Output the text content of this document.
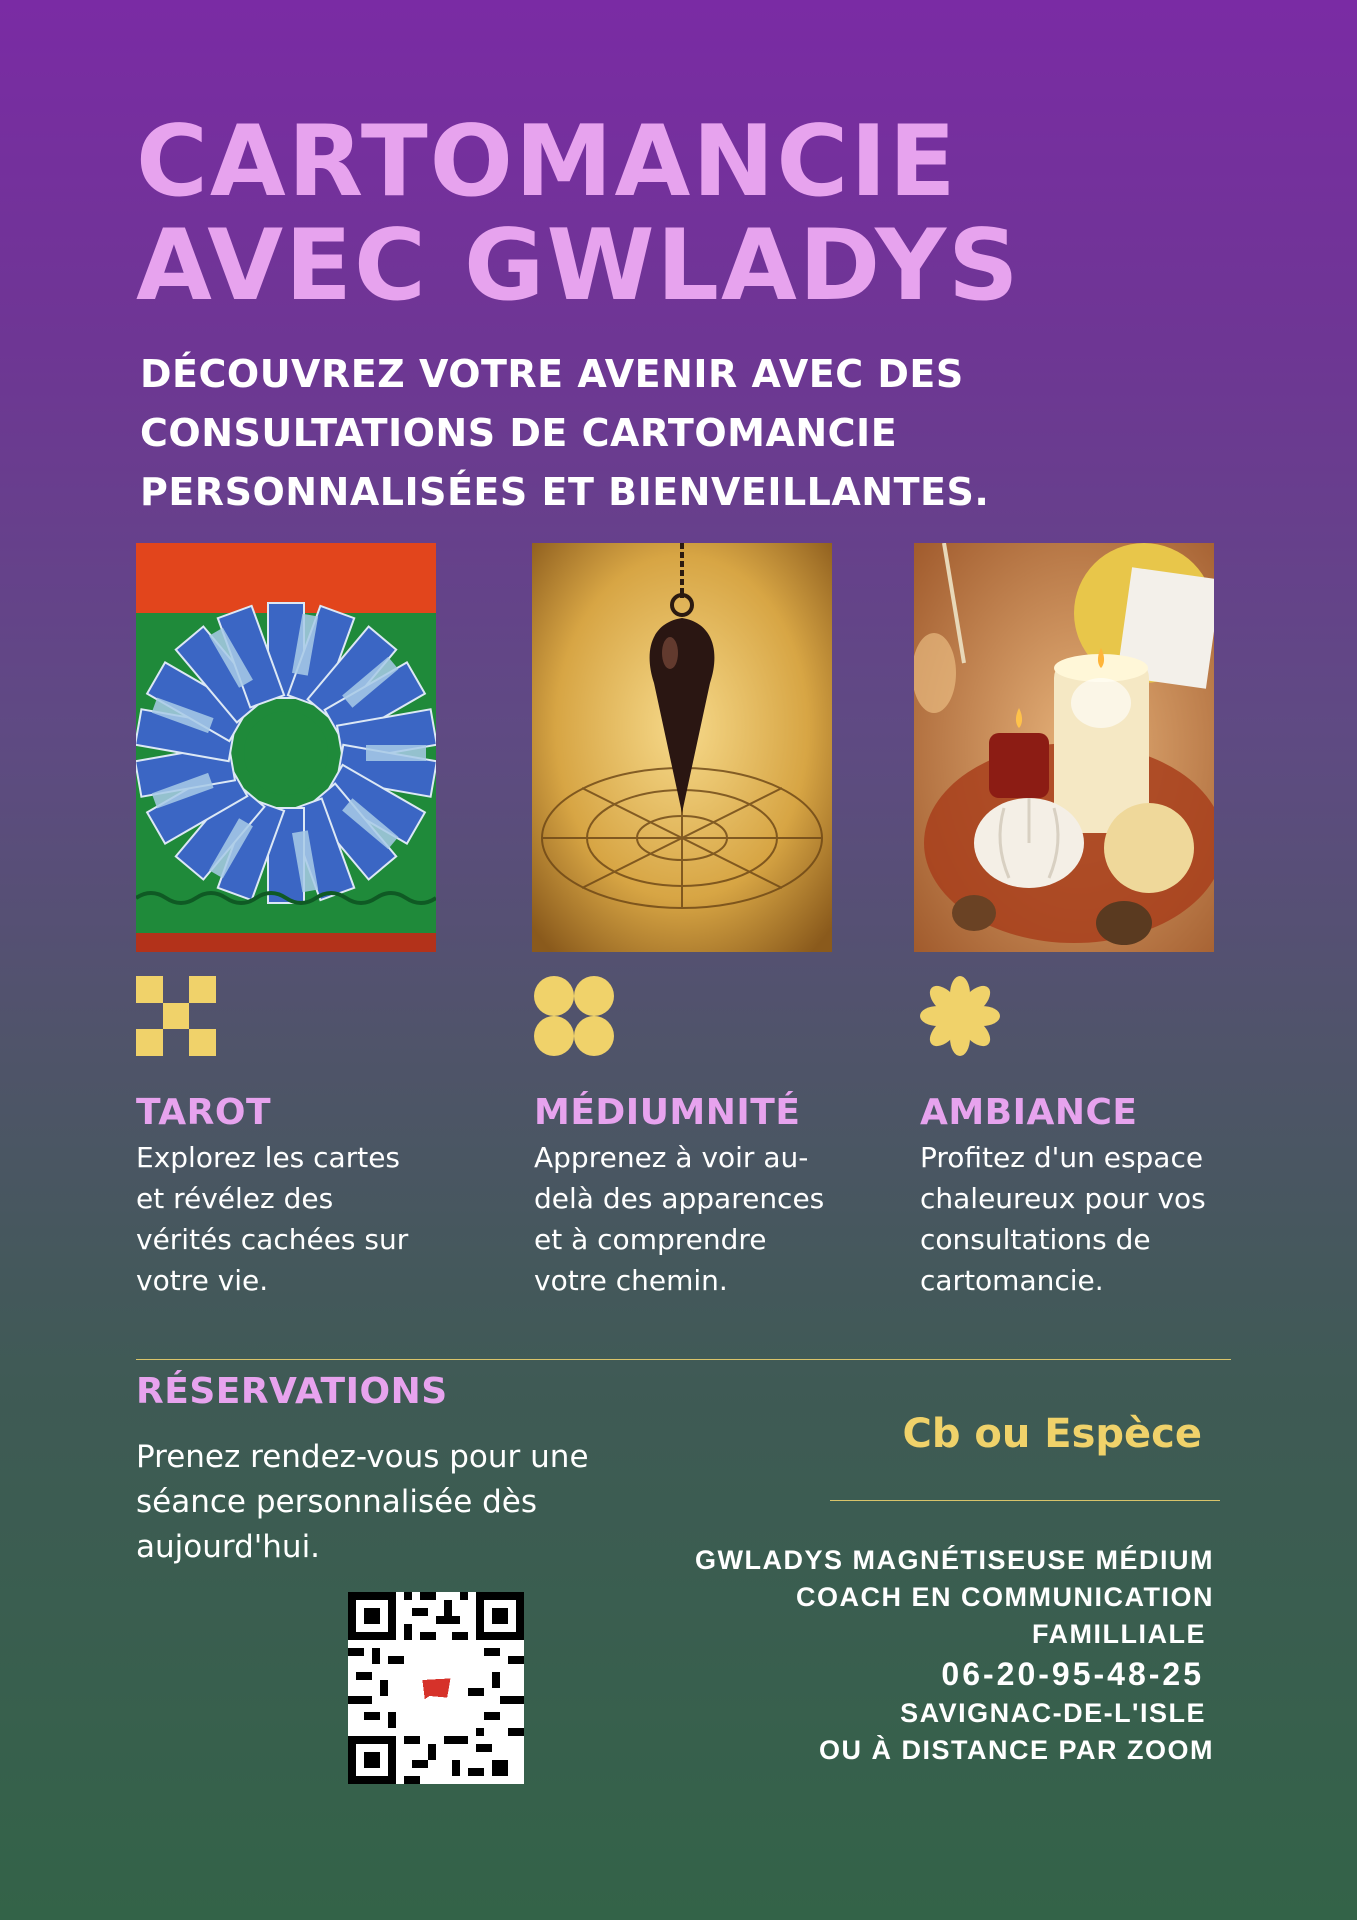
CARTOMANCIE AVEC GWLADYS
DÉCOUVREZ VOTRE AVENIR AVEC DES CONSULTATIONS DE CARTOMANCIE PERSONNALISÉES ET BIENVEILLANTES.
TAROT
Explorez les cartes et révélez des vérités cachées sur votre vie.
MÉDIUMNITÉ
Apprenez à voir au-delà des apparences et à comprendre votre chemin.
AMBIANCE
Profitez d'un espace chaleureux pour vos consultations de cartomancie.
RÉSERVATIONS
Prenez rendez-vous pour une séance personnalisée dès aujourd'hui.
Cb ou Espèce
GWLADYS MAGNÉTISEUSE MÉDIUM
COACH EN COMMUNICATION
FAMILLIALE
06-20-95-48-25
SAVIGNAC-DE-L'ISLE
OU À DISTANCE PAR ZOOM
